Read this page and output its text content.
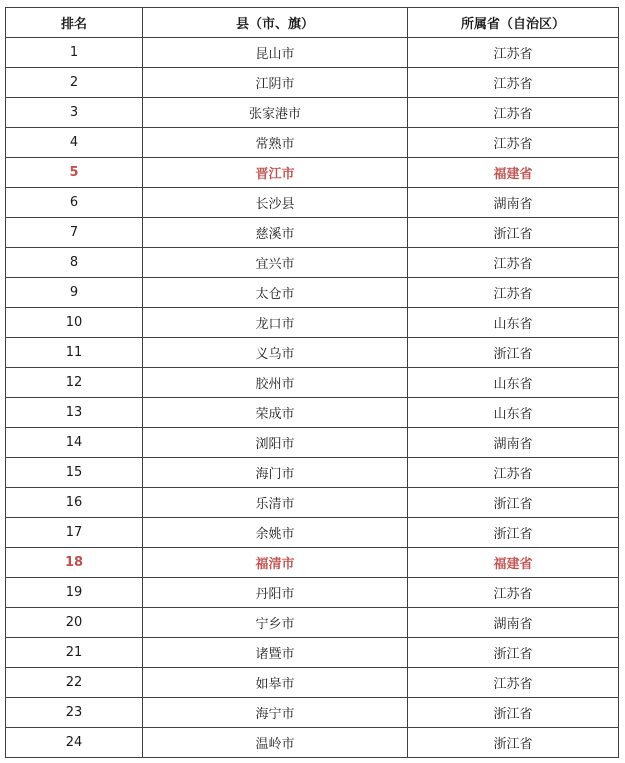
排名	县（市、旗）	所属省（自治区）
1	昆山市	江苏省
2	江阴市	江苏省
3	张家港市	江苏省
4	常熟市	江苏省
5	晋江市	福建省
6	长沙县	湖南省
7	慈溪市	浙江省
8	宜兴市	江苏省
9	太仓市	江苏省
10	龙口市	山东省
11	义乌市	浙江省
12	胶州市	山东省
13	荣成市	山东省
14	浏阳市	湖南省
15	海门市	江苏省
16	乐清市	浙江省
17	余姚市	浙江省
18	福清市	福建省
19	丹阳市	江苏省
20	宁乡市	湖南省
21	诸暨市	浙江省
22	如皋市	江苏省
23	海宁市	浙江省
24	温岭市	浙江省
